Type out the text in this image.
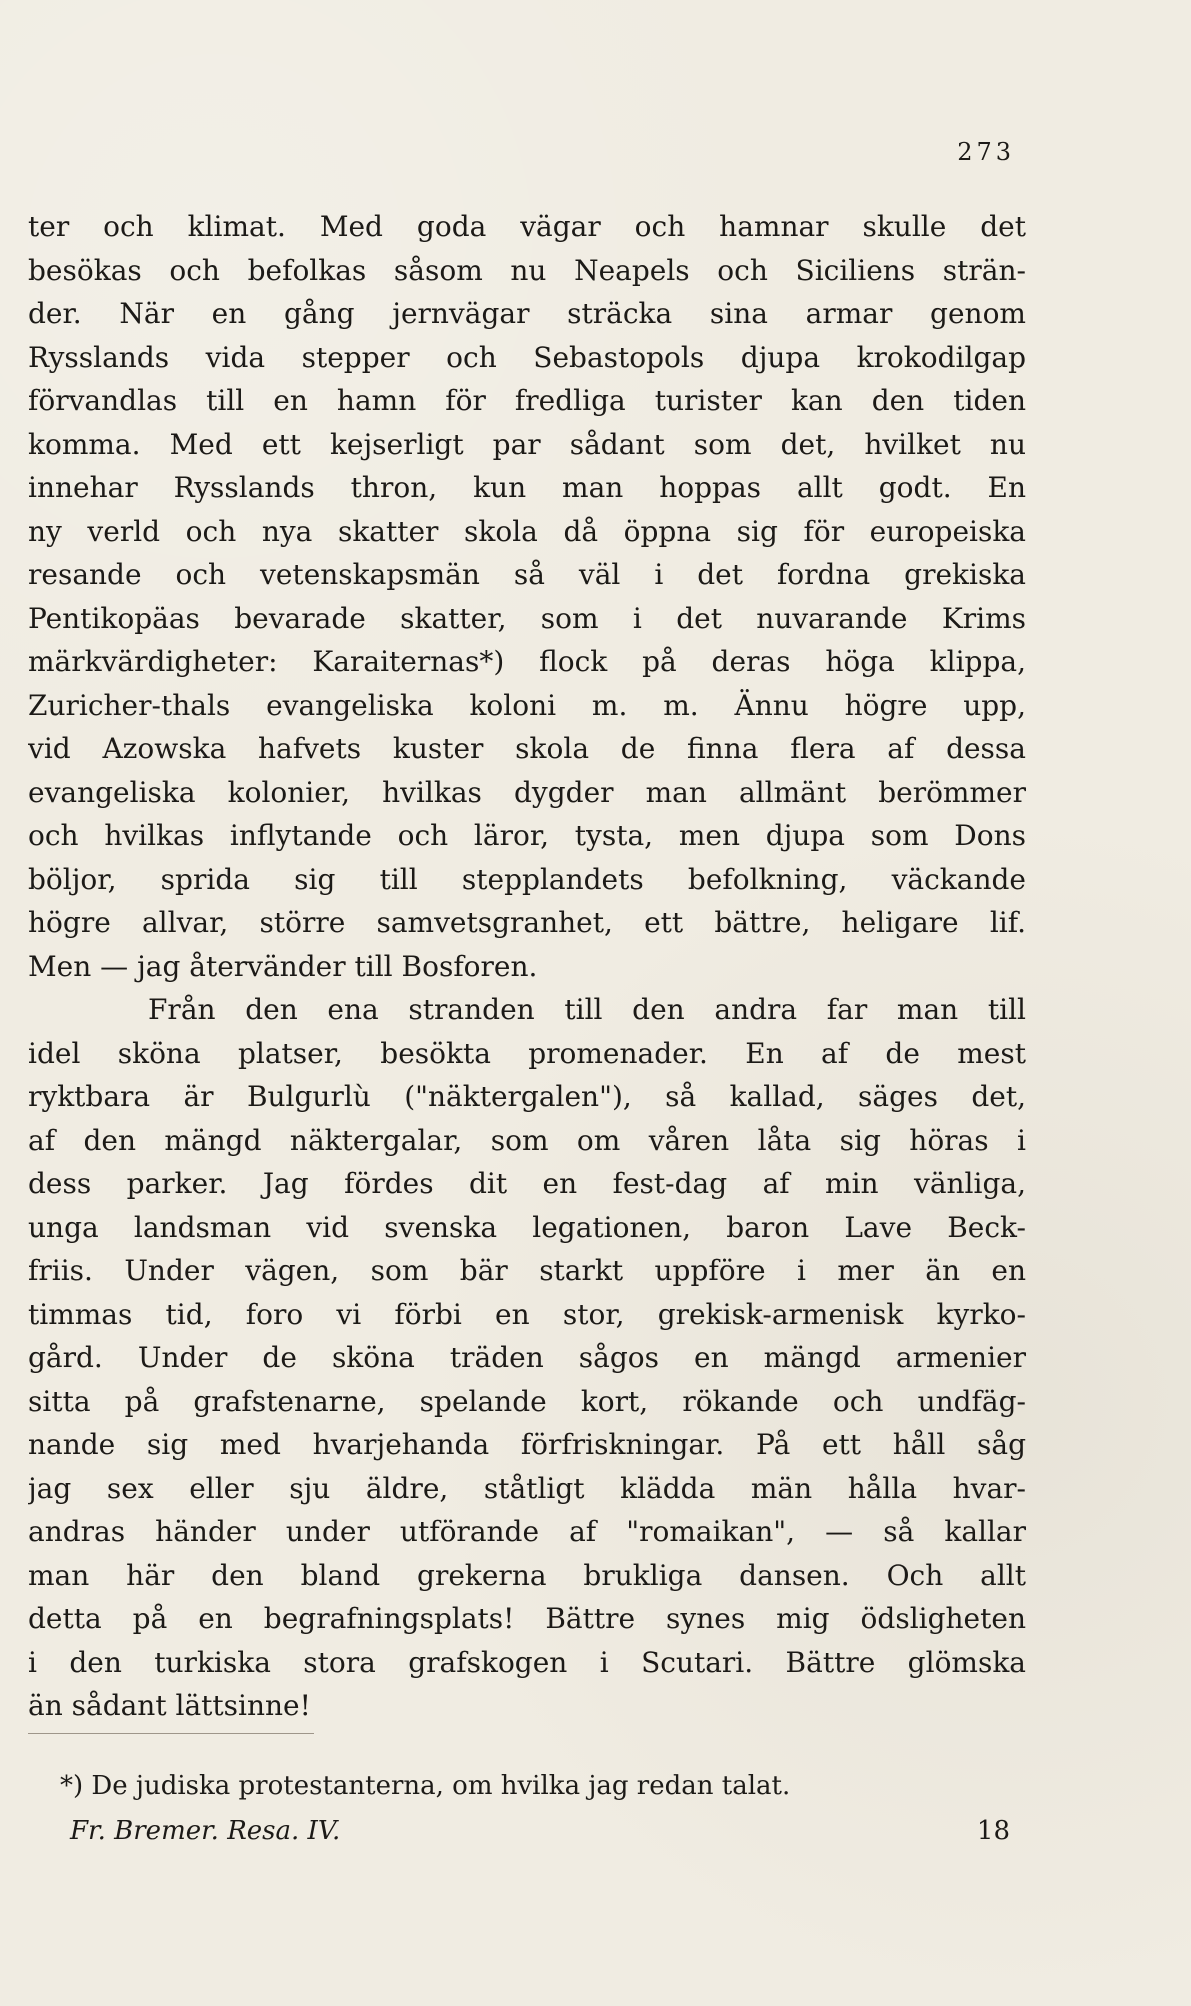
273
ter och klimat. Med goda vägar och hamnar skulle det
besökas och befolkas såsom nu Neapels och Siciliens strän-
der. När en gång jernvägar sträcka sina armar genom
Rysslands vida stepper och Sebastopols djupa krokodilgap
förvandlas till en hamn för fredliga turister kan den tiden
komma. Med ett kejserligt par sådant som det, hvilket nu
innehar Rysslands thron, kun man hoppas allt godt. En
ny verld och nya skatter skola då öppna sig för europeiska
resande och vetenskapsmän så väl i det fordna grekiska
Pentikopäas bevarade skatter, som i det nuvarande Krims
märkvärdigheter: Karaiternas*) flock på deras höga klippa,
Zuricher-thals evangeliska koloni m. m. Ännu högre upp,
vid Azowska hafvets kuster skola de finna flera af dessa
evangeliska kolonier, hvilkas dygder man allmänt berömmer
och hvilkas inflytande och läror, tysta, men djupa som Dons
böljor, sprida sig till stepplandets befolkning, väckande
högre allvar, större samvetsgranhet, ett bättre, heligare lif.
Men — jag återvänder till Bosforen.
Från den ena stranden till den andra far man till
idel sköna platser, besökta promenader. En af de mest
ryktbara är Bulgurlù ("näktergalen"), så kallad, säges det,
af den mängd näktergalar, som om våren låta sig höras i
dess parker. Jag fördes dit en fest-dag af min vänliga,
unga landsman vid svenska legationen, baron Lave Beck-
friis. Under vägen, som bär starkt uppföre i mer än en
timmas tid, foro vi förbi en stor, grekisk-armenisk kyrko-
gård. Under de sköna träden sågos en mängd armenier
sitta på grafstenarne, spelande kort, rökande och undfäg-
nande sig med hvarjehanda förfriskningar. På ett håll såg
jag sex eller sju äldre, ståtligt klädda män hålla hvar-
andras händer under utförande af "romaikan", — så kallar
man här den bland grekerna brukliga dansen. Och allt
detta på en begrafningsplats! Bättre synes mig ödsligheten
i den turkiska stora grafskogen i Scutari. Bättre glömska
än sådant lättsinne!
*) De judiska protestanterna, om hvilka jag redan talat.
Fr. Bremer. Resa. IV.	18
